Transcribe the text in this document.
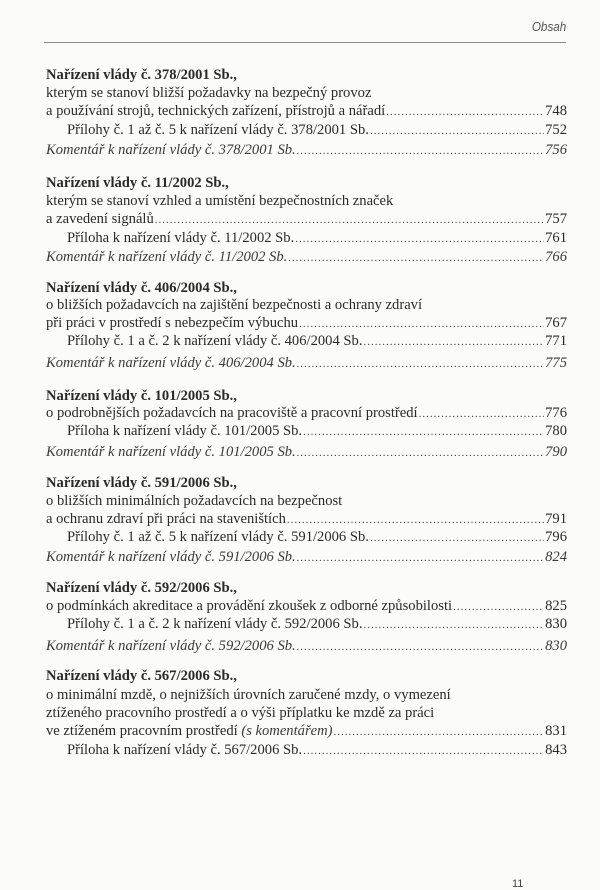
Obsah
Nařízení vlády č. 378/2001 Sb.,
kterým se stanoví bližší požadavky na bezpečný provoz
a používání strojů, technických zařízení, přístrojů a nářadí .....	748
Přílohy č. 1 až č. 5 k nařízení vlády č. 378/2001 Sb. .....	752
Komentář k nařízení vlády č. 378/2001 Sb. .....	756
Nařízení vlády č. 11/2002 Sb.,
kterým se stanoví vzhled a umístění bezpečnostních značek
a zavedení signálů .....	757
Příloha k nařízení vlády č. 11/2002 Sb. .....	761
Komentář k nařízení vlády č. 11/2002 Sb. .....	766
Nařízení vlády č. 406/2004 Sb.,
o bližších požadavcích na zajištění bezpečnosti a ochrany zdraví
při práci v prostředí s nebezpečím výbuchu .....	767
Přílohy č. 1 a č. 2 k nařízení vlády č. 406/2004 Sb. .....	771
Komentář k nařízení vlády č. 406/2004 Sb. .....	775
Nařízení vlády č. 101/2005 Sb.,
o podrobnějších požadavcích na pracoviště a pracovní prostředí .....	776
Příloha k nařízení vlády č. 101/2005 Sb. .....	780
Komentář k nařízení vlády č. 101/2005 Sb. .....	790
Nařízení vlády č. 591/2006 Sb.,
o bližších minimálních požadavcích na bezpečnost
a ochranu zdraví při práci na staveništích .....	791
Přílohy č. 1 až č. 5 k nařízení vlády č. 591/2006 Sb. .....	796
Komentář k nařízení vlády č. 591/2006 Sb. .....	824
Nařízení vlády č. 592/2006 Sb.,
o podmínkách akreditace a provádění zkoušek z odborné způsobilosti .....	825
Přílohy č. 1 a č. 2 k nařízení vlády č. 592/2006 Sb. .....	830
Komentář k nařízení vlády č. 592/2006 Sb. .....	830
Nařízení vlády č. 567/2006 Sb.,
o minimální mzdě, o nejnižších úrovních zaručené mzdy, o vymezení
ztíženého pracovního prostředí a o výši příplatku ke mzdě za práci
ve ztíženém pracovním prostředí
(s komentářem) .....	831
Příloha k nařízení vlády č. 567/2006 Sb. .....	843
11
